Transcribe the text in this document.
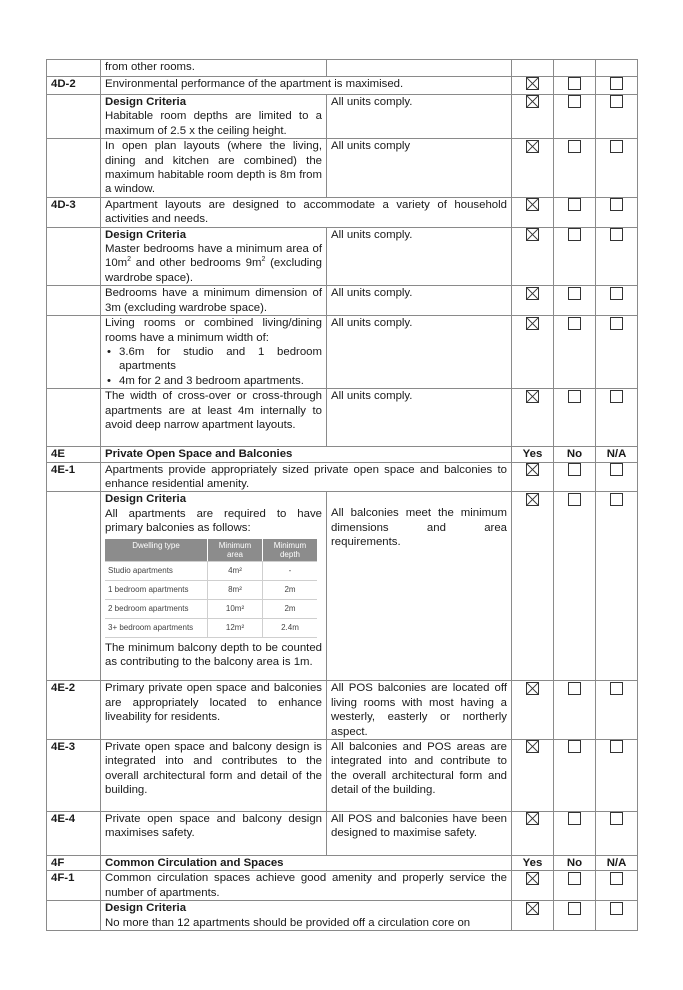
	from other rooms.				
4D-2	Environmental performance of the apartment is maximised.			

Design Criteria
Habitable room depths are limited to a maximum of 2.5 x the ceiling height.
	All units comply.			
	In open plan layouts (where the living, dining and kitchen are combined) the maximum habitable room depth is 8m from a window.	All units comply			
4D-3	Apartment layouts are designed to accommodate a variety of household activities and needs.			

Design Criteria
Master bedrooms have a minimum area of $10m^2$ and other bedrooms $9m^2$ (excluding wardrobe space).	All units comply.			
	Bedrooms have a minimum dimension of 3m (excluding wardrobe space).	All units comply.			

Living rooms or combined living/dining rooms have a minimum width of:
• 3.6m for studio and 1 bedroom apartments
• 4m for 2 and 3 bedroom apartments.
	All units comply.			
	The width of cross-over or cross-through apartments are at least 4m internally to avoid deep narrow apartment layouts.	All units comply.			
4E	Private Open Space and Balconies	Yes	No	N/A
4E-1	Apartments provide appropriately sized private open space and balconies to enhance residential amenity.			

Design Criteria
All apartments are required to have primary balconies as follows:
Dwelling type	Minimum area	Minimum depth
Studio apartments	4m²	-
1 bedroom apartments	8m²	2m
2 bedroom apartments	10m²	2m
3+ bedroom apartments	12m²	2.4m
The minimum balcony depth to be counted as contributing to the balcony area is 1m.
	All balconies meet the minimum dimensions and area requirements.			
4E-2	Primary private open space and balconies are appropriately located to enhance liveability for residents.	All POS balconies are located off living rooms with most having a westerly, easterly or northerly aspect.			
4E-3	Private open space and balcony design is integrated into and contributes to the overall architectural form and detail of the building.	All balconies and POS areas are integrated into and contribute to the overall architectural form and detail of the building.			
4E-4	Private open space and balcony design maximises safety.	All POS and balconies have been designed to maximise safety.			
4F	Common Circulation and Spaces	Yes	No	N/A
4F-1	Common circulation spaces achieve good amenity and properly service the number of apartments.			

Design Criteria
No more than 12 apartments should be provided off a circulation core on
